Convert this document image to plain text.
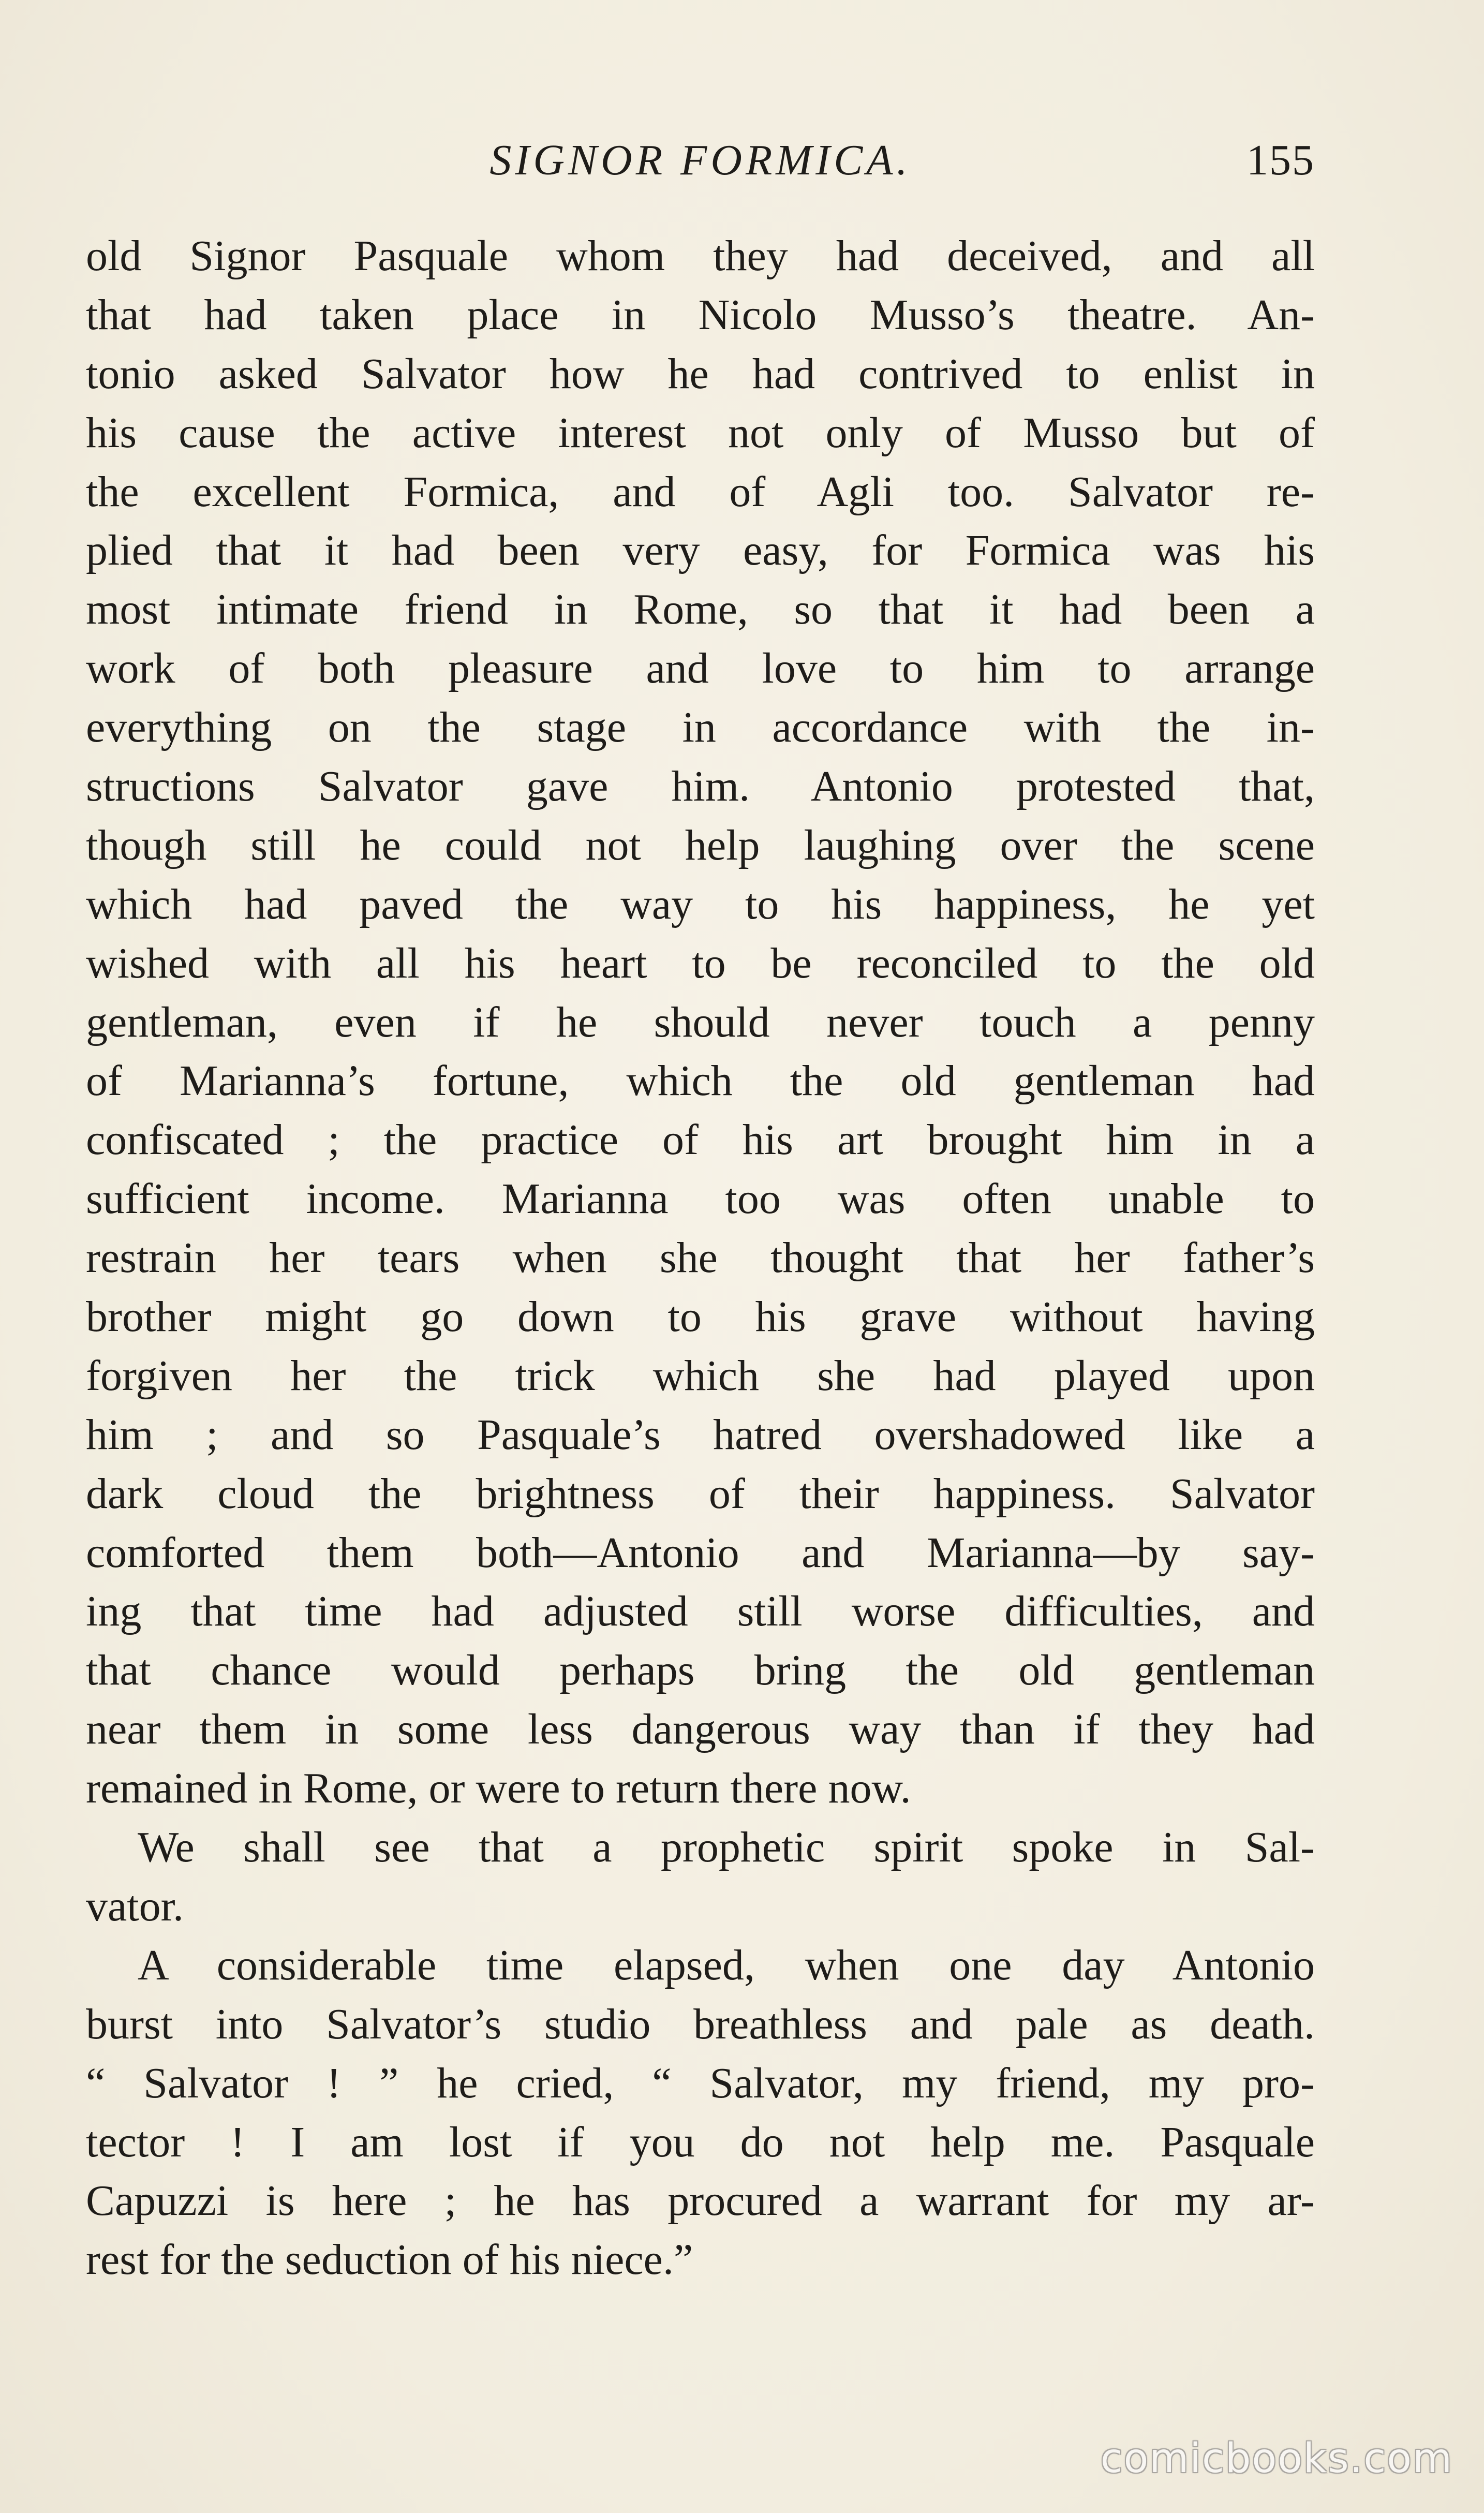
SIGNOR FORMICA.	155
old Signor Pasquale whom they had deceived, and all
that had taken place in Nicolo Musso’s theatre. An-
tonio asked Salvator how he had contrived to enlist in
his cause the active interest not only of Musso but of
the excellent Formica, and of Agli too. Salvator re-
plied that it had been very easy, for Formica was his
most intimate friend in Rome, so that it had been a
work of both pleasure and love to him to arrange
everything on the stage in accordance with the in-
structions Salvator gave him. Antonio protested that,
though still he could not help laughing over the scene
which had paved the way to his happiness, he yet
wished with all his heart to be reconciled to the old
gentleman, even if he should never touch a penny
of Marianna’s fortune, which the old gentleman had
confiscated ; the practice of his art brought him in a
sufficient income. Marianna too was often unable to
restrain her tears when she thought that her father’s
brother might go down to his grave without having
forgiven her the trick which she had played upon
him ; and so Pasquale’s hatred overshadowed like a
dark cloud the brightness of their happiness. Salvator
comforted them both—Antonio and Marianna—by say-
ing that time had adjusted still worse difficulties, and
that chance would perhaps bring the old gentleman
near them in some less dangerous way than if they had
remained in Rome, or were to return there now.
We shall see that a prophetic spirit spoke in Sal-
vator.
A considerable time elapsed, when one day Antonio
burst into Salvator’s studio breathless and pale as death.
“ Salvator ! ” he cried, “ Salvator, my friend, my pro-
tector ! I am lost if you do not help me. Pasquale
Capuzzi is here ; he has procured a warrant for my ar-
rest for the seduction of his niece.”
comicbooks.com
